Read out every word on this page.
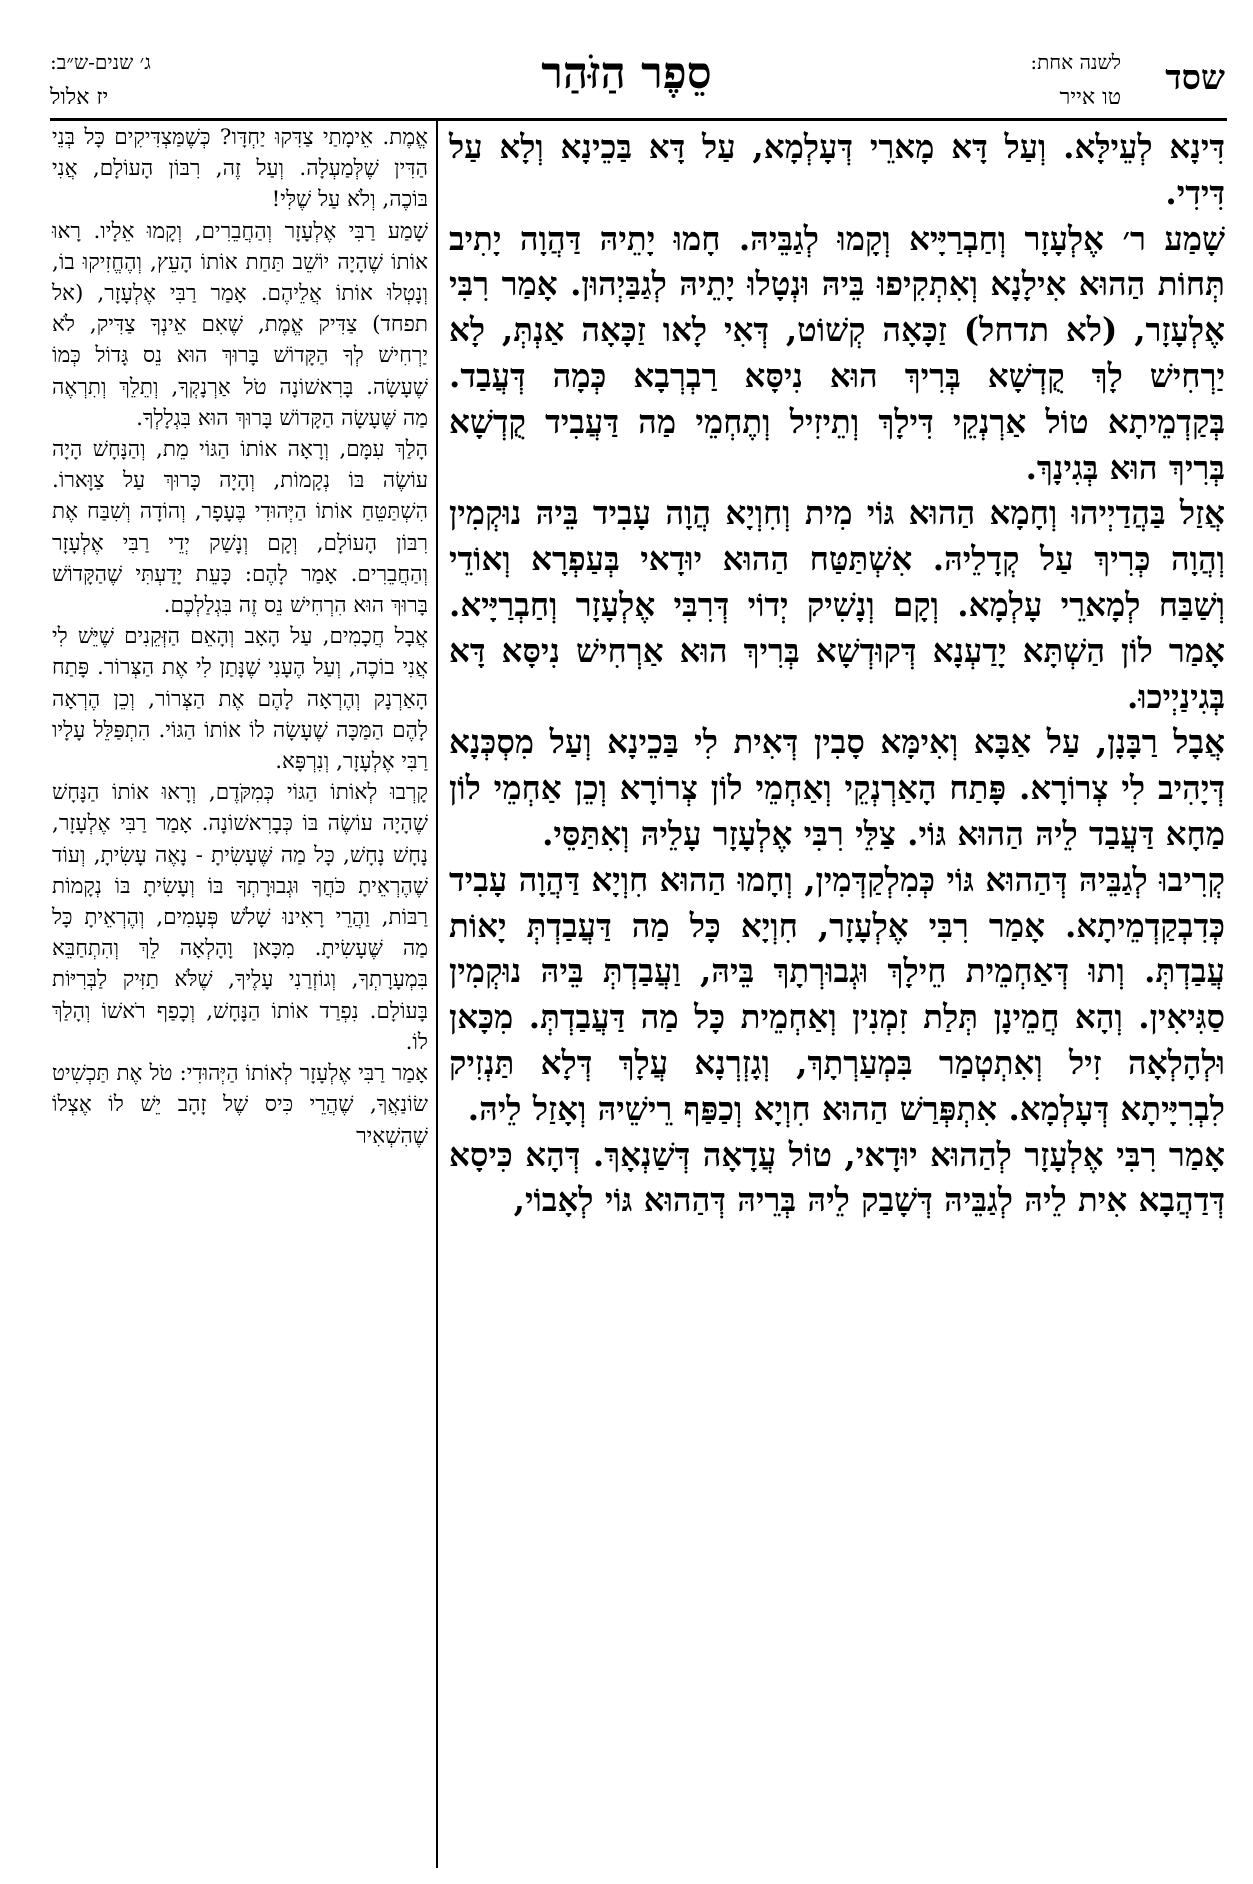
שסד
לשנה אחת:
טו אייר
סֵפֶר הַזֹּהַר
ג׳ שנים-ש״ב:
יז אלול

דִּינָא לְעֵילָּא. וְעַל דָּא מָארֵי דְּעָלְמָא, עַל דָּא בַּכֵינָא וְלָא עַל דִּידִי.

שָׁמַע ר׳ אֶלְעָזָר וְחַבְרַיָּיא וְקָמוּ לְגַבֵּיהּ. חָמוּ יָתֵיהּ דַּהֲוָה יָתִיב תְּחוֹת הַהוּא אִילָנָא וְאִתְקִיפוּ בֵּיהּ וּנְטָלוּ יָתֵיהּ לְגַבַּיְהוּן. אָמַר רִבִּי אֶלְעָזָר, (לא תדחל) זַכָּאָה קְשׁוֹט, דְּאִי לָאו זַכָּאָה אַנְתְּ, לָא יַרְחִישׁ לָךְ קֻדְשָׁא בְּרִיךְ הוּא נִיסָּא רַבְרְבָא כְּמָה דְּעֲבַד. בְּקַדְמֵיתָא טוֹל אַרְנְקֵי דִּילָךְ וְתֵיזִיל וְתֶחְמֵי מַה דַּעֲבִיד קֻדְשָׁא בְּרִיךְ הוּא בְּגִינָךְ.

אֲזַל בַּהֲדַיְיהוּ וְחָמָא הַהוּא גּוֹי מִית וְחִוְיָא הֲוָה עָבִיד בֵּיהּ נוּקְמִין וְהֲוָה כְּרִיךְ עַל קְדָלֵיהּ. אִשְׁתַּטַּח הַהוּא יוּדָאי בְּעַפְרָא וְאוֹדֵי וְשַׁבַּח לְמָארֵי עָלְמָא. וְקָם וְנָשִׁיק יְדוֹי דְּרִבִּי אֶלְעָזָר וְחַבְרַיָּיא. אָמַר לוֹן הַשְׁתָּא יָדַעְנָא דְּקוּדְשָׁא בְּרִיךְ הוּא אַרְחִישׁ נִיסָּא דָּא בְּגִינַיְיכוּ.

אֲבָל רַבָּנָן, עַל אַבָּא וְאִימָּא סָבִין דְּאִית לִי בַּכֵינָא וְעַל מִסְכְּנָא דְּיָהִיב לִי צְרוֹרָא. פָּתַח הָאַרְנְקֵי וְאַחְמֵי לוֹן צְרוֹרָא וְכֵן אַחְמֵי לוֹן מַחָא דַּעֲבַד לֵיהּ הַהוּא גּוֹי. צַלֵּי רִבִּי אֶלְעָזָר עָלֵיהּ וְאִתַּסֵּי.

קְרִיבוּ לְגַבֵּיהּ דְּהַהוּא גּוֹי כְּמִלְקַדְּמִין, וְחָמוּ הַהוּא חִוְיָא דַּהֲוָה עָבִיד כְּדִבְקַדְמֵיתָא. אָמַר רִבִּי אֶלְעָזָר, חִוְיָא כָּל מַה דַּעֲבַדְתְּ יָאוֹת עֲבַדְתְּ. וְתוּ דְּאַחְמֵית חֵילָךְ וּגְבוּרְתָךְ בֵּיהּ, וַעֲבַדְתְּ בֵּיהּ נוּקְמִין סַגִּיאִין. וְהָא חֲמֵינָן תְּלַת זִמְנִין וְאַחְמֵית כָּל מַה דַּעֲבַדְתְּ. מִכָּאן וּלְהָלְאָה זִיל וְאִתְטְמַר בִּמְעַרְתָךְ, וְגָזְרְנָא עֲלָךְ דְּלָא תַּנְזִיק לִבְרִיָּיתָא דְּעָלְמָא. אִתְפְּרַשׁ הַהוּא חִוְיָא וְכַפַּף רֵישֵׁיהּ וְאָזַל לֵיהּ.

אָמַר רִבִּי אֶלְעָזָר לְהַהוּא יוּדָאי, טוֹל עֲדָאָה דְּשַׁנְאָךְ. דְּהָא כִּיסָא דְּדַהֲבָא אִית לֵיהּ לְגַבֵּיהּ דְּשָׁבַק לֵיהּ בְּרֵיהּ דְּהַהוּא גּוֹי לְאָבוֹי,

אֱמֶת. אֵימָתַי צַדִּקוּ יַחְדָּו? כְּשֶׁמַּצְדִּיקִים כָּל בְּנֵי הַדִּין שֶׁלְּמַעְלָה. וְעַל זֶה, רִבּוֹן הָעוֹלָם, אֲנִי בּוֹכֶה, וְלֹא עַל שֶׁלִּי!

שָׁמַע רַבִּי אֶלְעָזָר וְהַחֲבֵרִים, וְקָמוּ אֵלָיו. רָאוּ אוֹתוֹ שֶׁהָיָה יוֹשֵׁב תַּחַת אוֹתוֹ הָעֵץ, וְהֶחֱזִיקוּ בוֹ, וְנָטְלוּ אוֹתוֹ אֲלֵיהֶם. אָמַר רַבִּי אֶלְעָזָר, (אל תפחד) צַדִּיק אֱמֶת, שֶׁאִם אֵינְךָ צַדִּיק, לֹא יַרְחִישׁ לְךָ הַקָּדוֹשׁ בָּרוּךְ הוּא נֵס גָּדוֹל כְּמוֹ שֶׁעָשָׂה. בָּרִאשׁוֹנָה טֹל אַרְנָקְךָ, וְתֵלֵךְ וְתִרְאֶה מַה שֶּׁעָשָׂה הַקָּדוֹשׁ בָּרוּךְ הוּא בִּגְלָלְךָ.

הָלַךְ עִמָּם, וְרָאָה אוֹתוֹ הַגּוֹי מֵת, וְהַנָּחָשׁ הָיָה עוֹשֶׂה בּוֹ נְקָמוֹת, וְהָיָה כָּרוּךְ עַל צַוָּארוֹ. הִשְׁתַּטֵּחַ אוֹתוֹ הַיְּהוּדִי בֶּעָפָר, וְהוֹדָה וְשִׁבַּח אֶת רִבּוֹן הָעוֹלָם, וְקָם וְנָשַׁק יְדֵי רַבִּי אֶלְעָזָר וְהַחֲבֵרִים. אָמַר לָהֶם: כָּעֵת יָדַעְתִּי שֶׁהַקָּדוֹשׁ בָּרוּךְ הוּא הִרְחִישׁ נֵס זֶה בִּגְלַלְכֶם.

אֲבָל חֲכָמִים, עַל הָאָב וְהָאֵם הַזְּקֵנִים שֶׁיֵּשׁ לִי אֲנִי בוֹכֶה, וְעַל הֶעָנִי שֶׁנָּתַן לִי אֶת הַצְּרוֹר. פָּתַח הָאַרְנָק וְהֶרְאָה לָהֶם אֶת הַצְּרוֹר, וְכֵן הֶרְאָה לָהֶם הַמַּכָּה שֶׁעָשָׂה לוֹ אוֹתוֹ הַגּוֹי. הִתְפַּלֵּל עָלָיו רַבִּי אֶלְעָזָר, וְנִרְפָּא.

קָרְבוּ לְאוֹתוֹ הַגּוֹי כְּמִקֹּדֶם, וְרָאוּ אוֹתוֹ הַנָּחָשׁ שֶׁהָיָה עוֹשֶׂה בּוֹ כְּבָרִאשׁוֹנָה. אָמַר רַבִּי אֶלְעָזָר, נָחָשׁ נָחָשׁ, כָּל מַה שֶּׁעָשִׂיתָ - נָאֶה עָשִׂיתָ, וְעוֹד שֶׁהֶרְאֵיתָ כֹּחֲךָ וּגְבוּרָתְךָ בּוֹ וְעָשִׂיתָ בּוֹ נְקָמוֹת רַבּוֹת, וַהֲרֵי רָאִינוּ שָׁלֹשׁ פְּעָמִים, וְהֶרְאֵיתָ כָּל מַה שֶּׁעָשִׂיתָ. מִכָּאן וָהָלְאָה לֵךְ וְהִתְחַבֵּא בִּמְעָרָתְךָ, וְגוֹזְרַנִי עָלֶיךָ, שֶׁלֹּא תַזִּיק לַבְּרִיּוֹת בָּעוֹלָם. נִפְרַד אוֹתוֹ הַנָּחָשׁ, וְכָפַף רֹאשׁוֹ וְהָלַךְ לוֹ.

אָמַר רַבִּי אֶלְעָזָר לְאוֹתוֹ הַיְּהוּדִי: טֹל אֶת תַּכְשִׁיט שׂוֹנַאֲךָ, שֶׁהֲרֵי כִּיס שֶׁל זָהָב יֵשׁ לוֹ אֶצְלוֹ שֶׁהִשְׁאִיר
